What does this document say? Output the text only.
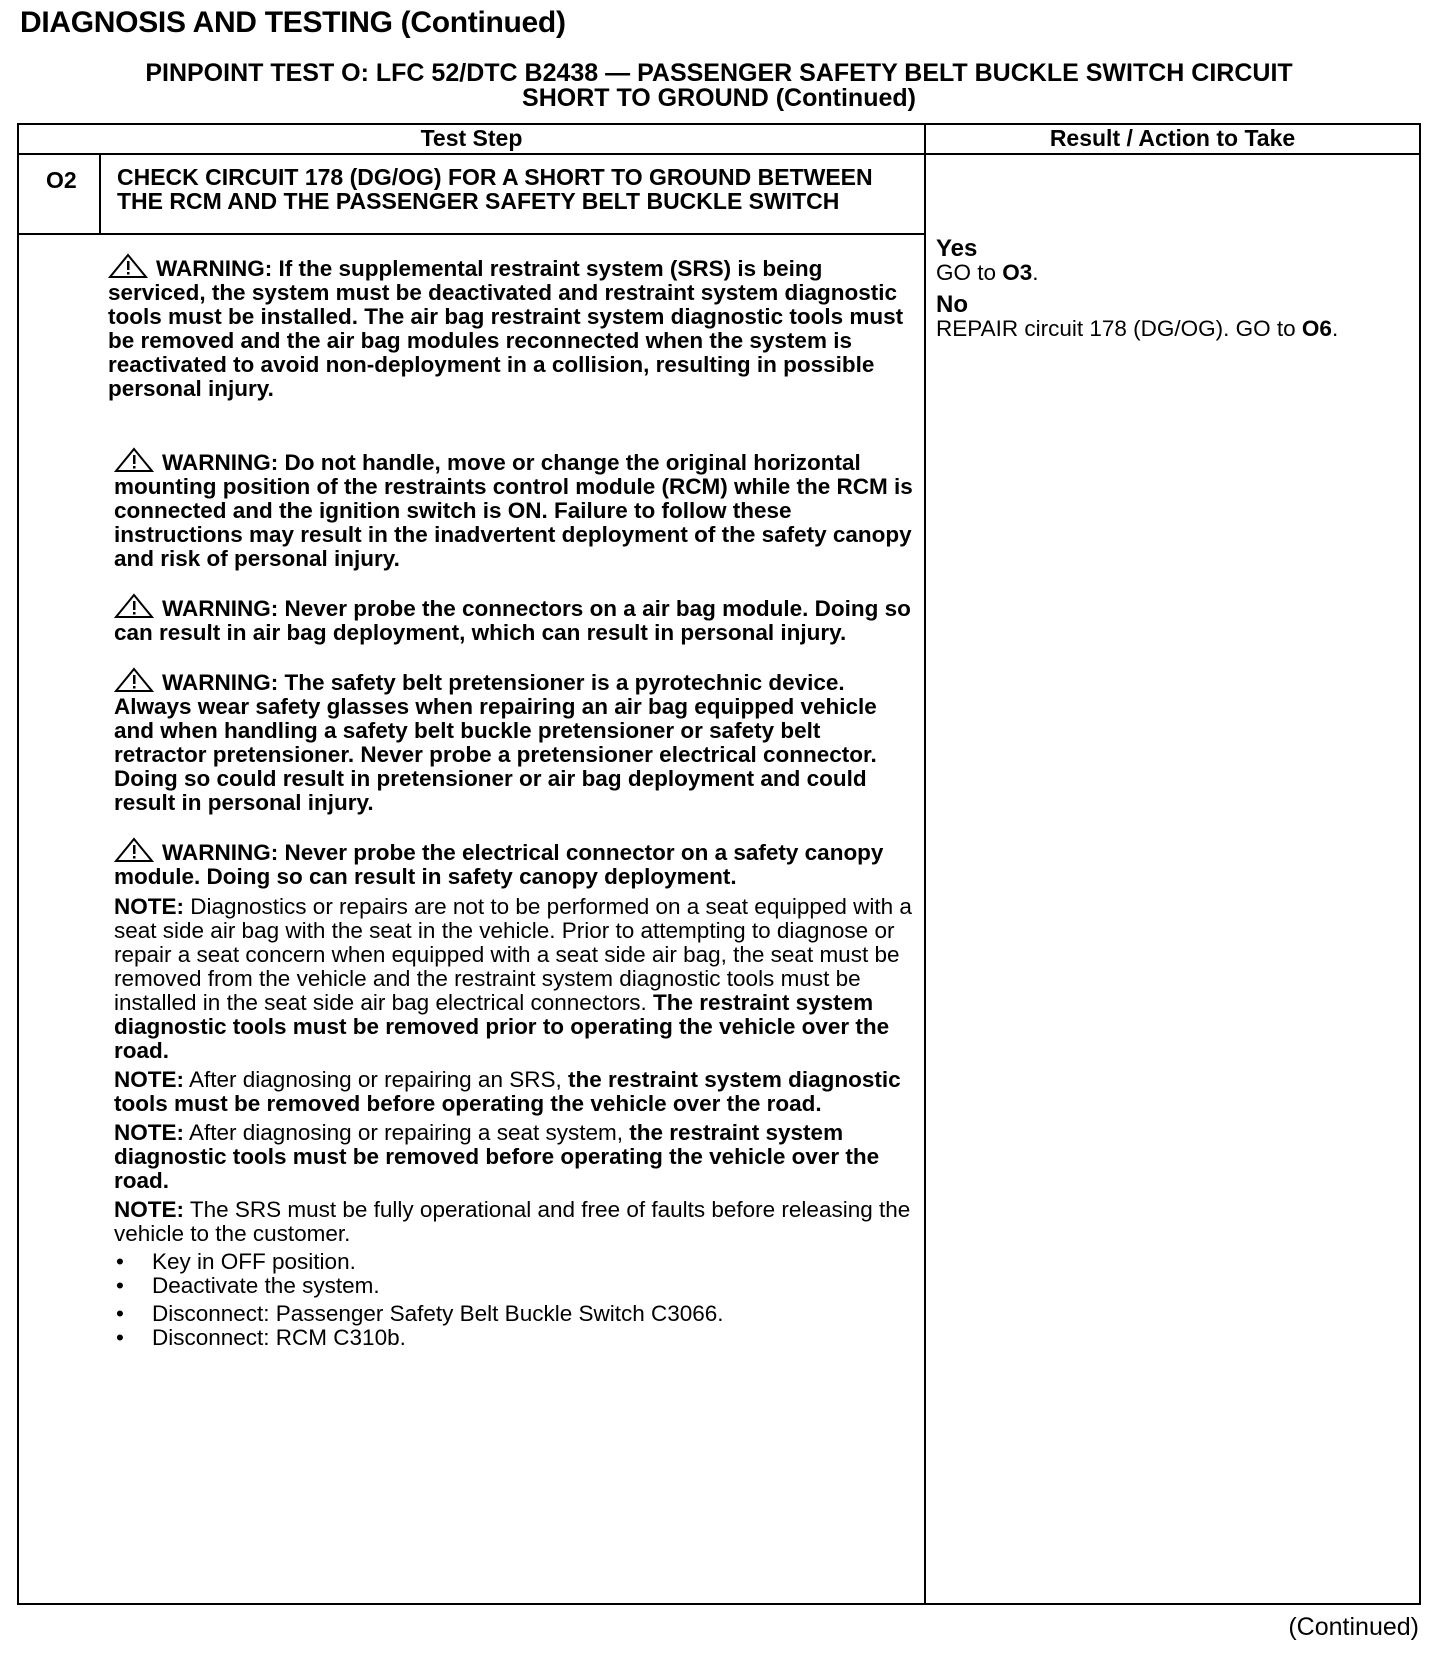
DIAGNOSIS AND TESTING (Continued)
PINPOINT TEST O: LFC 52/DTC B2438 — PASSENGER SAFETY BELT BUCKLE SWITCH CIRCUIT
SHORT TO GROUND (Continued)
Test Step	Result / Action to Take
O2 CHECK CIRCUIT 178 (DG/OG) FOR A SHORT TO GROUND BETWEEN THE RCM AND THE PASSENGER SAFETY BELT BUCKLE SWITCH

WARNING: If the supplemental restraint system (SRS) is being serviced, the system must be deactivated and restraint system diagnostic tools must be installed. The air bag restraint system diagnostic tools must be removed and the air bag modules reconnected when the system is reactivated to avoid non-deployment in a collision, resulting in possible personal injury.

WARNING: Do not handle, move or change the original horizontal mounting position of the restraints control module (RCM) while the RCM is connected and the ignition switch is ON. Failure to follow these instructions may result in the inadvertent deployment of the safety canopy and risk of personal injury.

WARNING: Never probe the connectors on a air bag module. Doing so can result in air bag deployment, which can result in personal injury.

WARNING: The safety belt pretensioner is a pyrotechnic device. Always wear safety glasses when repairing an air bag equipped vehicle and when handling a safety belt buckle pretensioner or safety belt retractor pretensioner. Never probe a pretensioner electrical connector. Doing so could result in pretensioner or air bag deployment and could result in personal injury.

WARNING: Never probe the electrical connector on a safety canopy module. Doing so can result in safety canopy deployment.

NOTE: Diagnostics or repairs are not to be performed on a seat equipped with a seat side air bag with the seat in the vehicle. Prior to attempting to diagnose or repair a seat concern when equipped with a seat side air bag, the seat must be removed from the vehicle and the restraint system diagnostic tools must be installed in the seat side air bag electrical connectors. The restraint system diagnostic tools must be removed prior to operating the vehicle over the road.

NOTE: After diagnosing or repairing an SRS, the restraint system diagnostic tools must be removed before operating the vehicle over the road.

NOTE: After diagnosing or repairing a seat system, the restraint system diagnostic tools must be removed before operating the vehicle over the road.

NOTE: The SRS must be fully operational and free of faults before releasing the vehicle to the customer.

• Key in OFF position.
• Deactivate the system.
• Disconnect: Passenger Safety Belt Buckle Switch C3066.
• Disconnect: RCM C310b.
Yes
GO to O3.
No
REPAIR circuit 178 (DG/OG). GO to O6.
(Continued)
